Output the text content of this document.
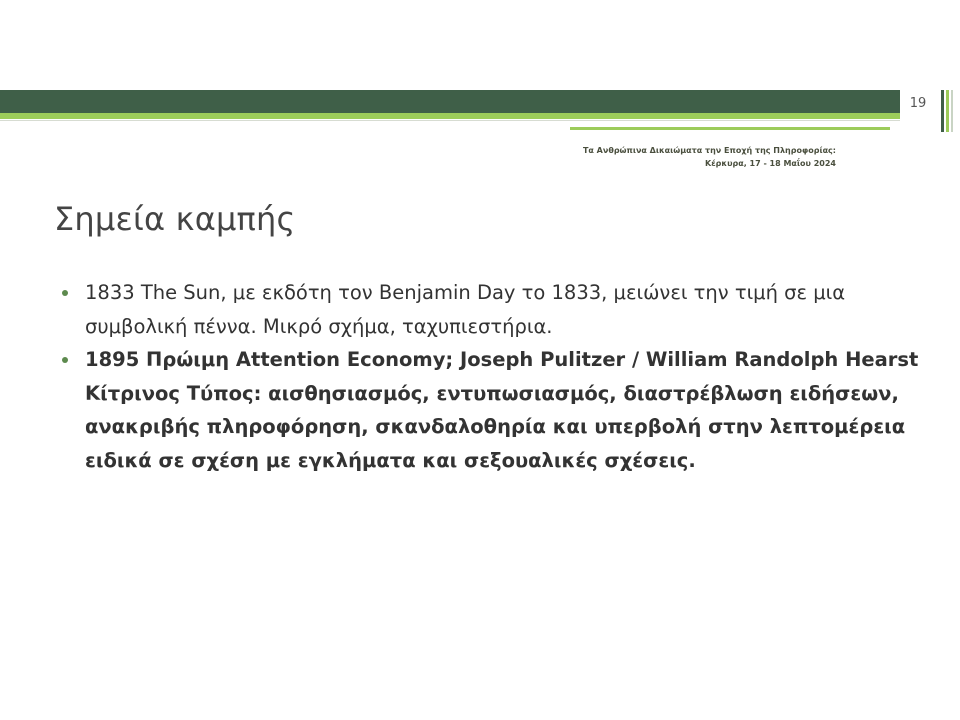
19
Τα Ανθρώπινα Δικαιώματα την Εποχή της Πληροφορίας:
Κέρκυρα, 17 - 18 Μαΐου 2024
Σημεία καμπής
1833 The Sun, με εκδότη τον Benjamin Day το 1833, μειώνει την τιμή σε μια συμβολική πέννα. Μικρό σχήμα, ταχυπιεστήρια.
1895 Πρώιμη Attention Economy; Joseph Pulitzer / William Randolph Hearst Κίτρινος Τύπος: αισθησιασμός, εντυπωσιασμός, διαστρέβλωση ειδήσεων, ανακριβής πληροφόρηση, σκανδαλοθηρία και υπερβολή στην λεπτομέρεια ειδικά σε σχέση με εγκλήματα και σεξουαλικές σχέσεις.
